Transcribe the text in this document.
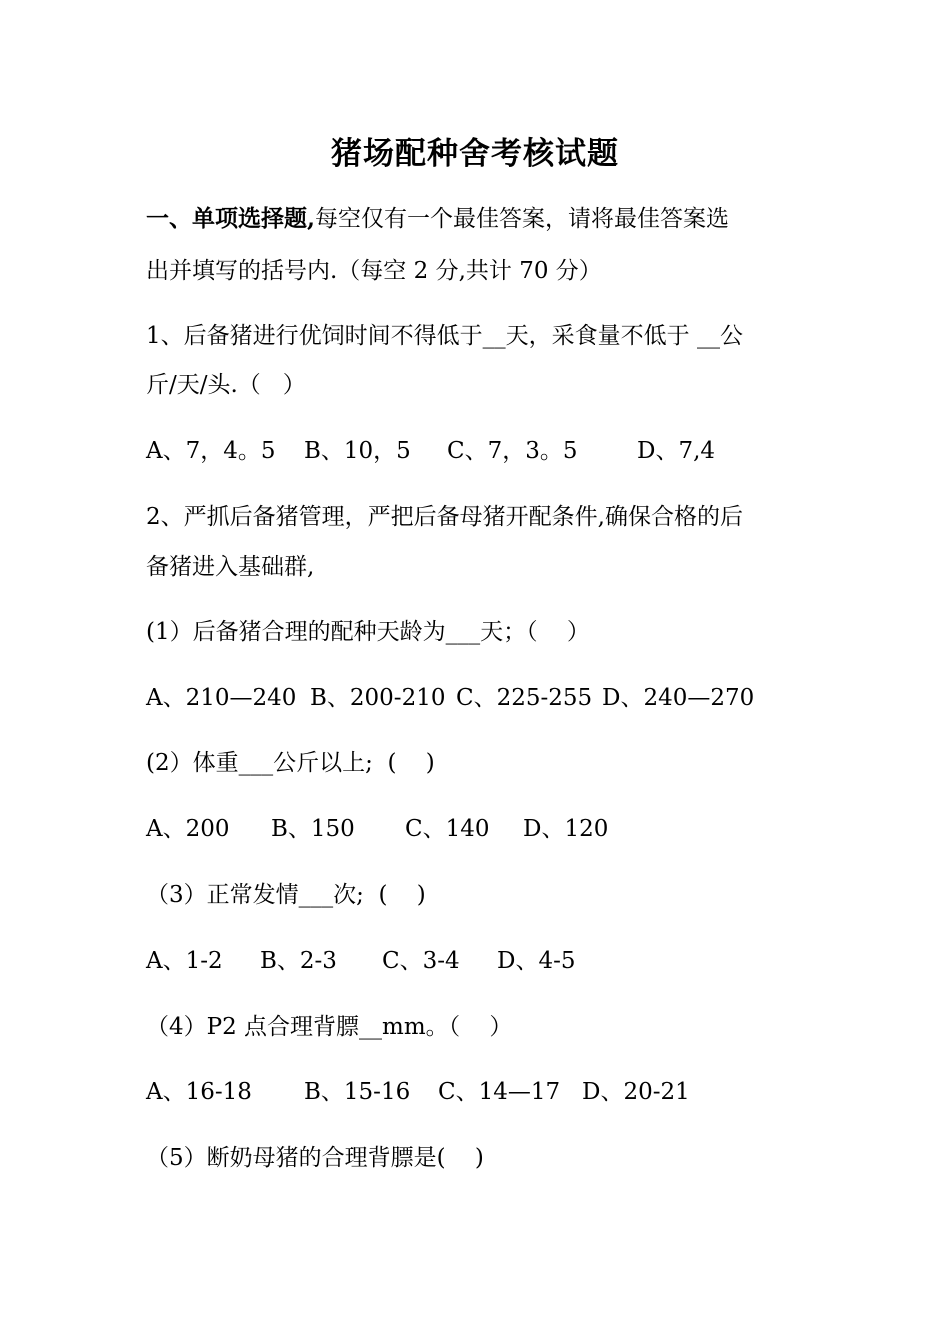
猪场配种舍考核试题
一、单项选择题,每空仅有一个最佳答案，请将最佳答案选
出并填写的括号内.（每空 2 分,共计 70 分）
1、后备猪进行优饲时间不得低于__天，采食量不低于 __公
斤/天/头.（   ）
A、7，4。5 B、10，5 C、7，3。5	D、7,4
2、严抓后备猪管理，严把后备母猪开配条件,确保合格的后
备猪进入基础群,
(1）后备猪合理的配种天龄为___天；（    ）
A、210—240 B、200-210 C、225-255 D、240—270
(2）体重___公斤以上;  (    )
A、200 B、150 C、140 D、120
（3）正常发情___次;  (    )
A、1-2 B、2-3 C、3-4 D、4-5
（4）P2 点合理背膘__mm。（    ）
A、16-18 B、15-16 C、14—17 D、20-21
（5）断奶母猪的合理背膘是(    )
